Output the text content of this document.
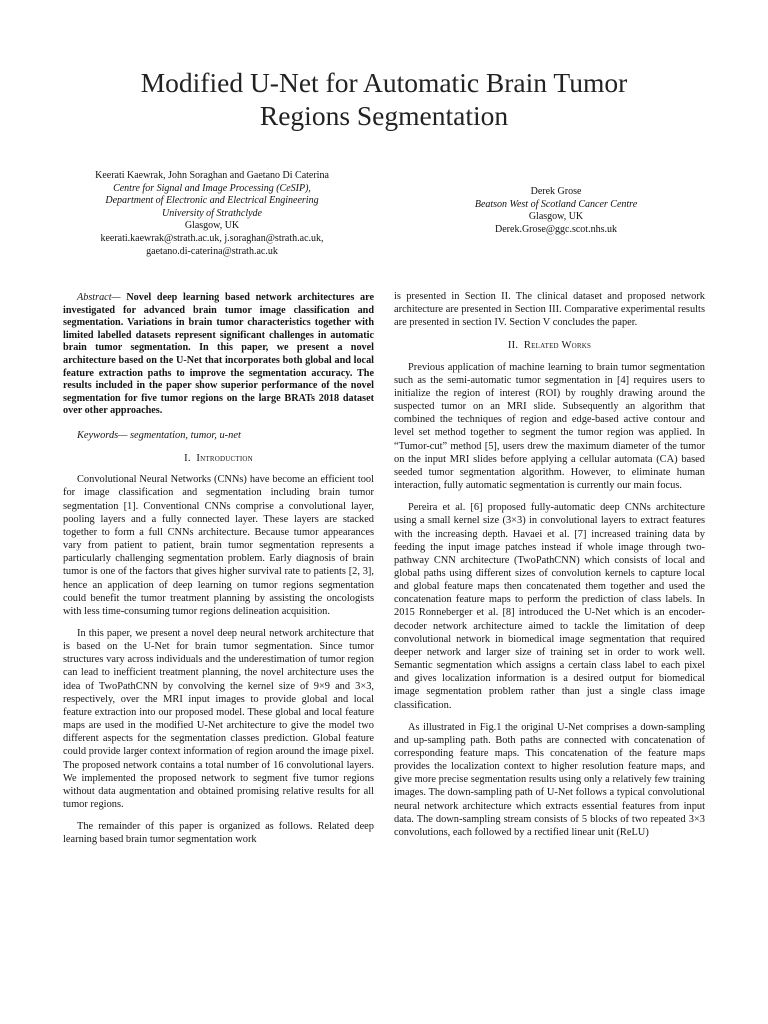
Modified U-Net for Automatic Brain Tumor
Regions Segmentation
Keerati Kaewrak, John Soraghan and Gaetano Di Caterina
Centre for Signal and Image Processing (CeSIP),
Department of Electronic and Electrical Engineering
University of Strathclyde
Glasgow, UK
keerati.kaewrak@strath.ac.uk, j.soraghan@strath.ac.uk,
gaetano.di-caterina@strath.ac.uk
Derek Grose
Beatson West of Scotland Cancer Centre
Glasgow, UK
Derek.Grose@ggc.scot.nhs.uk

Abstract— Novel deep learning based network architectures are investigated for advanced brain tumor image classification and segmentation. Variations in brain tumor characteristics together with limited labelled datasets represent significant challenges in automatic brain tumor segmentation. In this paper, we present a novel architecture based on the U-Net that incorporates both global and local feature extraction paths to improve the segmentation accuracy. The results included in the paper show superior performance of the novel segmentation for five tumor regions on the large BRATs 2018 dataset over other approaches.

Keywords— segmentation, tumor, u-net

I. Introduction

Convolutional Neural Networks (CNNs) have become an efficient tool for image classification and segmentation including brain tumor segmentation [1]. Conventional CNNs comprise a convolutional layer, pooling layers and a fully connected layer. These layers are stacked together to form a full CNNs architecture. Because tumor appearances vary from patient to patient, brain tumor segmentation represents a particularly challenging segmentation problem. Early diagnosis of brain tumor is one of the factors that gives higher survival rate to patients [2, 3], hence an application of deep learning on tumor regions segmentation could benefit the tumor treatment planning by assisting the oncologists with less time-consuming tumor regions delineation acquisition.

In this paper, we present a novel deep neural network architecture that is based on the U-Net for brain tumor segmentation. Since tumor structures vary across individuals and the underestimation of tumor region can lead to inefficient treatment planning, the novel architecture uses the idea of TwoPathCNN by convolving the kernel size of 9×9 and 3×3, respectively, over the MRI input images to provide global and local feature extraction into our proposed model. These global and local feature maps are used in the modified U-Net architecture to give the model two different aspects for the segmentation classes prediction. Global feature could provide larger context information of region around the image pixel. The proposed network contains a total number of 16 convolutional layers. We implemented the proposed network to segment five tumor regions without data augmentation and obtained promising relative results for all tumor regions.

The remainder of this paper is organized as follows. Related deep learning based brain tumor segmentation work

is presented in Section II. The clinical dataset and proposed network architecture are presented in Section III. Comparative experimental results are presented in section IV. Section V concludes the paper.

II. Related Works

Previous application of machine learning to brain tumor segmentation such as the semi-automatic tumor segmentation in [4] requires users to initialize the region of interest (ROI) by roughly drawing around the suspected tumor on an MRI slide. Subsequently an algorithm that combined the techniques of region and edge-based active contour and level set method together to segment the tumor region was applied. In “Tumor-cut” method [5], users drew the maximum diameter of the tumor on the input MRI slides before applying a cellular automata (CA) based seeded tumor segmentation algorithm. However, to eliminate human interaction, fully automatic segmentation is currently our main focus.

Pereira et al. [6] proposed fully-automatic deep CNNs architecture using a small kernel size (3×3) in convolutional layers to extract features with the increasing depth. Havaei et al. [7] increased training data by feeding the input image patches instead if whole image through two-pathway CNN architecture (TwoPathCNN) which consists of local and global paths using different sizes of convolution kernels to capture local and global feature maps then concatenated them together and used the concatenation feature maps to perform the prediction of class labels. In 2015 Ronneberger et al. [8] introduced the U-Net which is an encoder-decoder network architecture aimed to tackle the limitation of deep convolutional network in biomedical image segmentation that required deeper network and larger size of training set in order to work well. Semantic segmentation which assigns a certain class label to each pixel and gives localization information is a desired output for biomedical image segmentation problem rather than just a single class image classification.

As illustrated in Fig.1 the original U-Net comprises a down-sampling and up-sampling path. Both paths are connected with concatenation of corresponding feature maps. This concatenation of the feature maps provides the localization context to higher resolution feature maps, and give more precise segmentation results using only a relatively few training images. The down-sampling path of U-Net follows a typical convolutional neural network architecture which extracts essential features from input data. The down-sampling stream consists of 5 blocks of two repeated 3×3 convolutions, each followed by a rectified linear unit (ReLU)
